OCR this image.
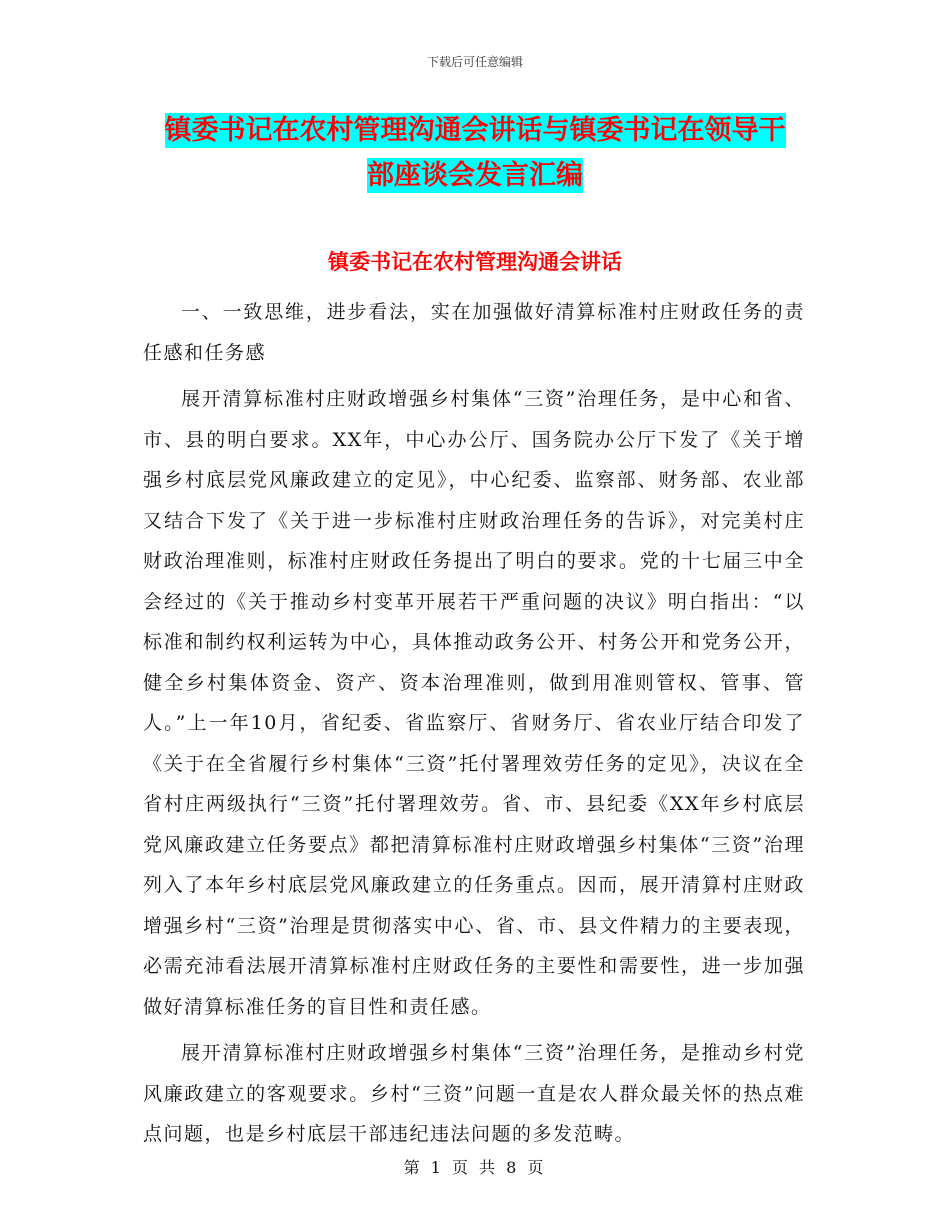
下载后可任意编辑
镇委书记在农村管理沟通会讲话与镇委书记在领导干
部座谈会发言汇编
镇委书记在农村管理沟通会讲话

一、一致思维，进步看法，实在加强做好清算标准村庄财政任务的责任感和任务感

展开清算标准村庄财政增强乡村集体“三资”治理任务，是中心和省、市、县的明白要求。XX年，中心办公厅、国务院办公厅下发了《关于增强乡村底层党风廉政建立的定见》，中心纪委、监察部、财务部、农业部又结合下发了《关于进一步标准村庄财政治理任务的告诉》，对完美村庄财政治理准则，标准村庄财政任务提出了明白的要求。党的十七届三中全会经过的《关于推动乡村变革开展若干严重问题的决议》明白指出：“以标准和制约权利运转为中心，具体推动政务公开、村务公开和党务公开，健全乡村集体资金、资产、资本治理准则，做到用准则管权、管事、管人。”上一年10月，省纪委、省监察厅、省财务厅、省农业厅结合印发了《关于在全省履行乡村集体“三资”托付署理效劳任务的定见》，决议在全省村庄两级执行“三资”托付署理效劳。省、市、县纪委《XX年乡村底层党风廉政建立任务要点》都把清算标准村庄财政增强乡村集体“三资”治理列入了本年乡村底层党风廉政建立的任务重点。因而，展开清算村庄财政增强乡村“三资”治理是贯彻落实中心、省、市、县文件精力的主要表现，必需充沛看法展开清算标准村庄财政任务的主要性和需要性，进一步加强做好清算标准任务的盲目性和责任感。

展开清算标准村庄财政增强乡村集体“三资”治理任务，是推动乡村党风廉政建立的客观要求。乡村“三资”问题一直是农人群众最关怀的热点难点问题，也是乡村底层干部违纪违法问题的多发范畴。

第 1 页 共 8 页
